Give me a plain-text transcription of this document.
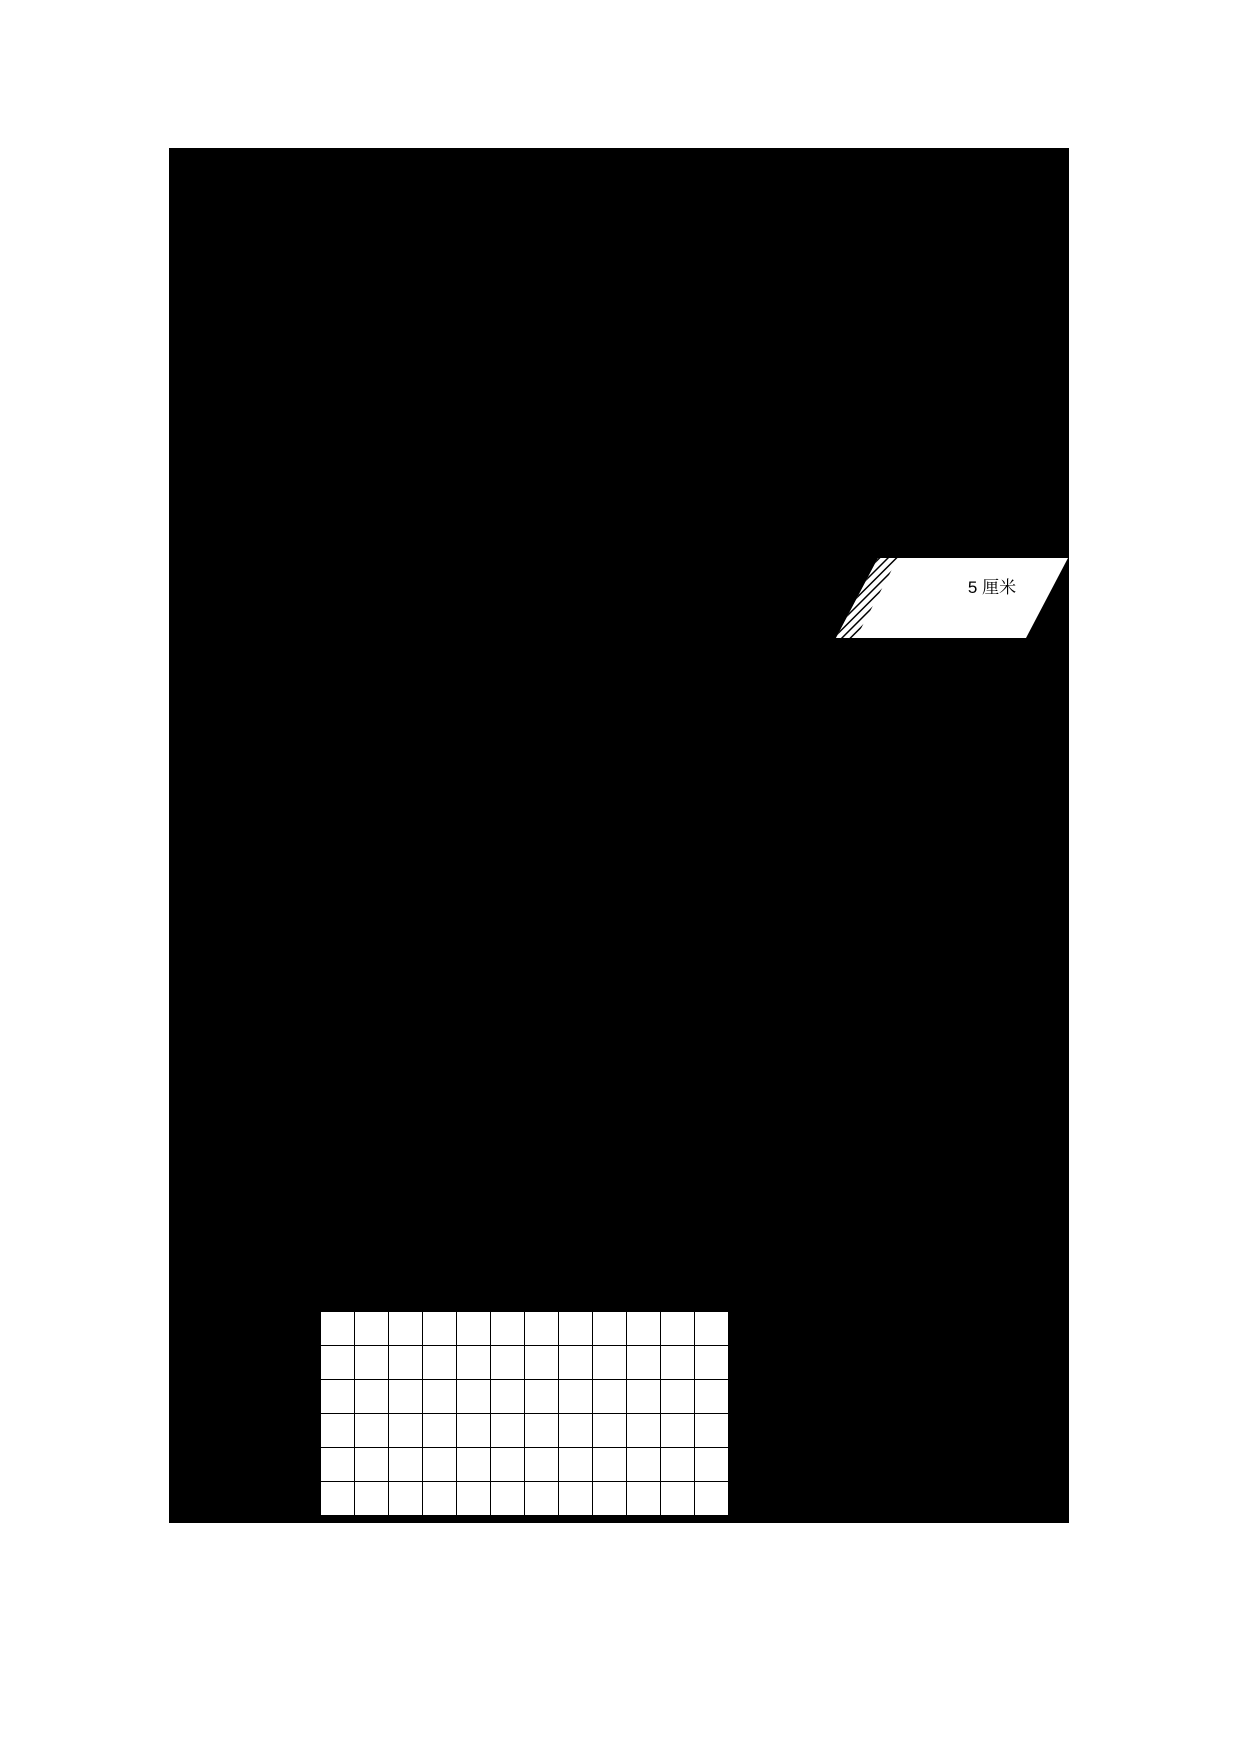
5 厘米
